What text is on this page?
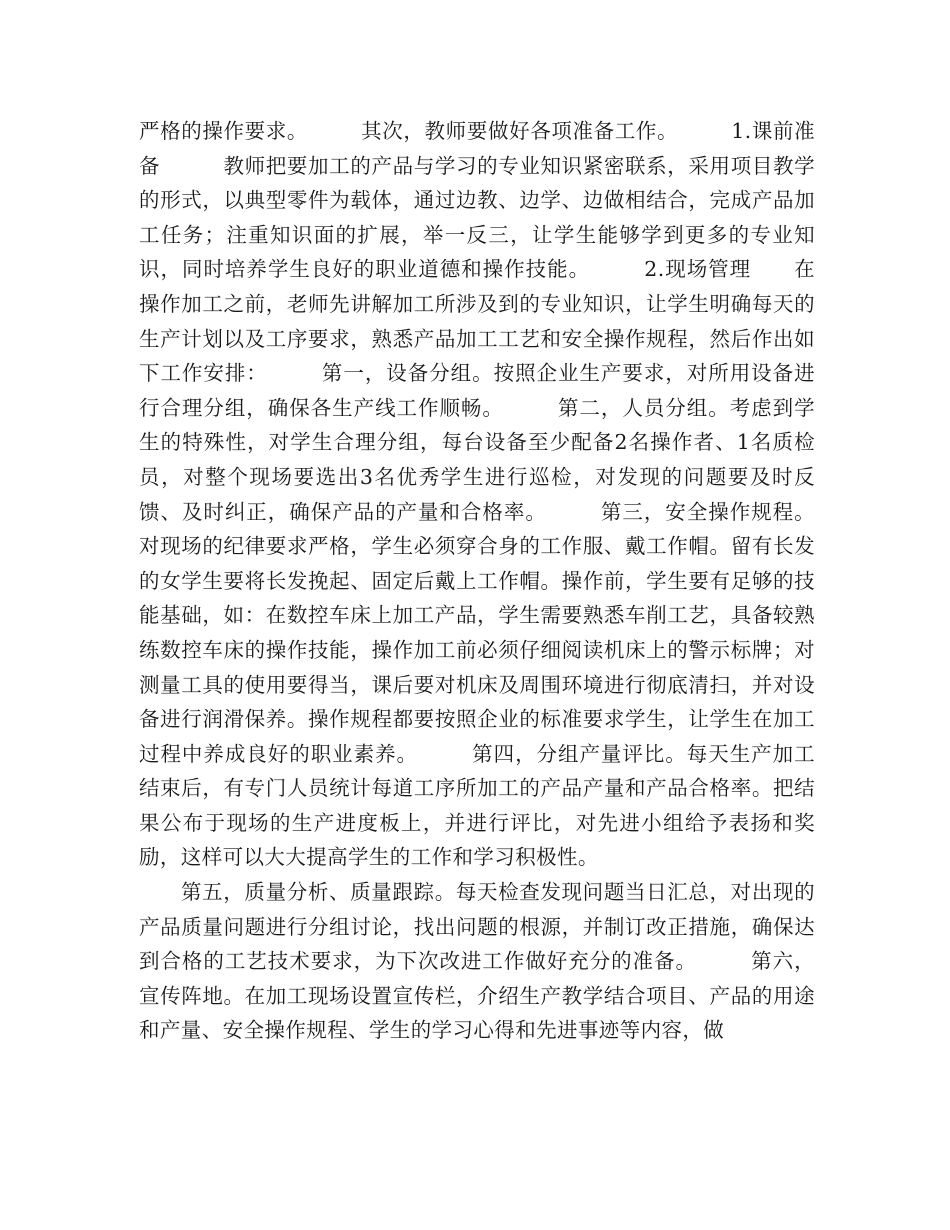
严格的操作要求。　　　其次，教师要做好各项准备工作。　　　1.课前准备　　　教师把要加工的产品与学习的专业知识紧密联系，采用项目教学的形式，以典型零件为载体，通过边教、边学、边做相结合，完成产品加工任务；注重知识面的扩展，举一反三，让学生能够学到更多的专业知识，同时培养学生良好的职业道德和操作技能。　　　2.现场管理　　在操作加工之前，老师先讲解加工所涉及到的专业知识，让学生明确每天的生产计划以及工序要求，熟悉产品加工工艺和安全操作规程，然后作出如下工作安排：　　　第一，设备分组。按照企业生产要求，对所用设备进行合理分组，确保各生产线工作顺畅。　　　第二，人员分组。考虑到学生的特殊性，对学生合理分组，每台设备至少配备2名操作者、1名质检员，对整个现场要选出3名优秀学生进行巡检，对发现的问题要及时反馈、及时纠正，确保产品的产量和合格率。　　　第三，安全操作规程。对现场的纪律要求严格，学生必须穿合身的工作服、戴工作帽。留有长发的女学生要将长发挽起、固定后戴上工作帽。操作前，学生要有足够的技能基础，如：在数控车床上加工产品，学生需要熟悉车削工艺，具备较熟练数控车床的操作技能，操作加工前必须仔细阅读机床上的警示标牌；对测量工具的使用要得当，课后要对机床及周围环境进行彻底清扫，并对设备进行润滑保养。操作规程都要按照企业的标准要求学生，让学生在加工过程中养成良好的职业素养。　　　第四，分组产量评比。每天生产加工结束后，有专门人员统计每道工序所加工的产品产量和产品合格率。把结果公布于现场的生产进度板上，并进行评比，对先进小组给予表扬和奖励，这样可以大大提高学生的工作和学习积极性。

第五，质量分析、质量跟踪。每天检查发现问题当日汇总，对出现的产品质量问题进行分组讨论，找出问题的根源，并制订改正措施，确保达到合格的工艺技术要求，为下次改进工作做好充分的准备。　　　第六，宣传阵地。在加工现场设置宣传栏，介绍生产教学结合项目、产品的用途和产量、安全操作规程、学生的学习心得和先进事迹等内容，做
